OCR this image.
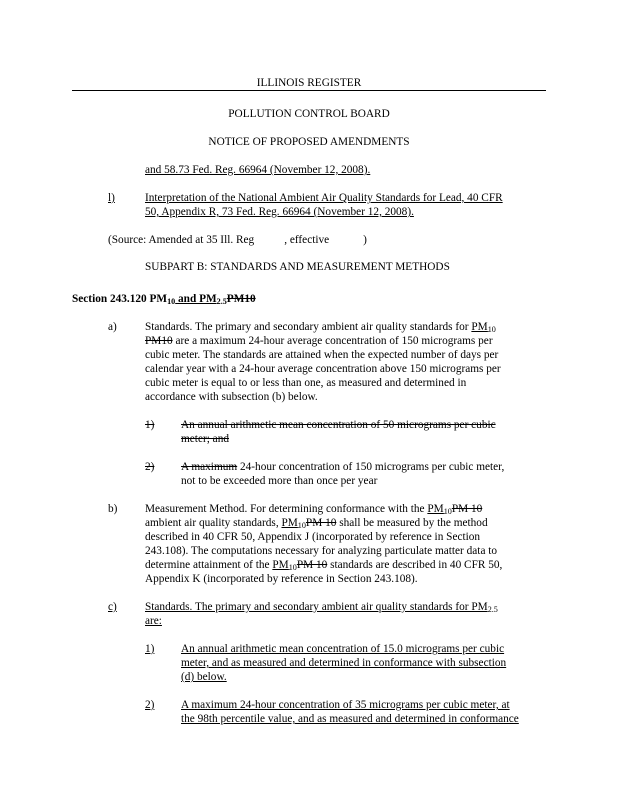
ILLINOIS REGISTER

POLLUTION CONTROL BOARD

NOTICE OF PROPOSED AMENDMENTS

and 58.73 Fed. Reg. 66964 (November 12, 2008).

l)	Interpretation of the National Ambient Air Quality Standards for Lead, 40 CFR

50, Appendix R, 73 Fed. Reg. 66964 (November 12, 2008).

(Source: Amended at 35 Ill. Reg	, effective	)

SUBPART B: STANDARDS AND MEASUREMENT METHODS

Section 243.120 $PM_{10}$ and $PM_{2.5}PM10$

a) Standards. The primary and secondary ambient air quality standards for $PM_{10}$

PM10 are a maximum 24-hour average concentration of 150 micrograms per

cubic meter. The standards are attained when the expected number of days per

calendar year with a 24-hour average concentration above 150 micrograms per

cubic meter is equal to or less than one, as measured and determined in

accordance with subsection (b) below.

1) An annual arithmetic mean concentration of 50 micrograms per cubic

meter; and

2) A maximum 24-hour concentration of 150 micrograms per cubic meter,

not to be exceeded more than once per year

b) Measurement Method. For determining conformance with the $PM_{10}PM$ 10

ambient air quality standards, $PM_{10}PM$ 10 shall be measured by the method

described in 40 CFR 50, Appendix J (incorporated by reference in Section

243.108). The computations necessary for analyzing particulate matter data to

determine attainment of the $PM_{10}PM$ 10 standards are described in 40 CFR 50,

Appendix K (incorporated by reference in Section 243.108).

c) Standards. The primary and secondary ambient air quality standards for $PM_{2.5}$

are:

1) An annual arithmetic mean concentration of 15.0 micrograms per cubic

meter, and as measured and determined in conformance with subsection

(d) below.

2) A maximum 24-hour concentration of 35 micrograms per cubic meter, at

the 98th percentile value, and as measured and determined in conformance
